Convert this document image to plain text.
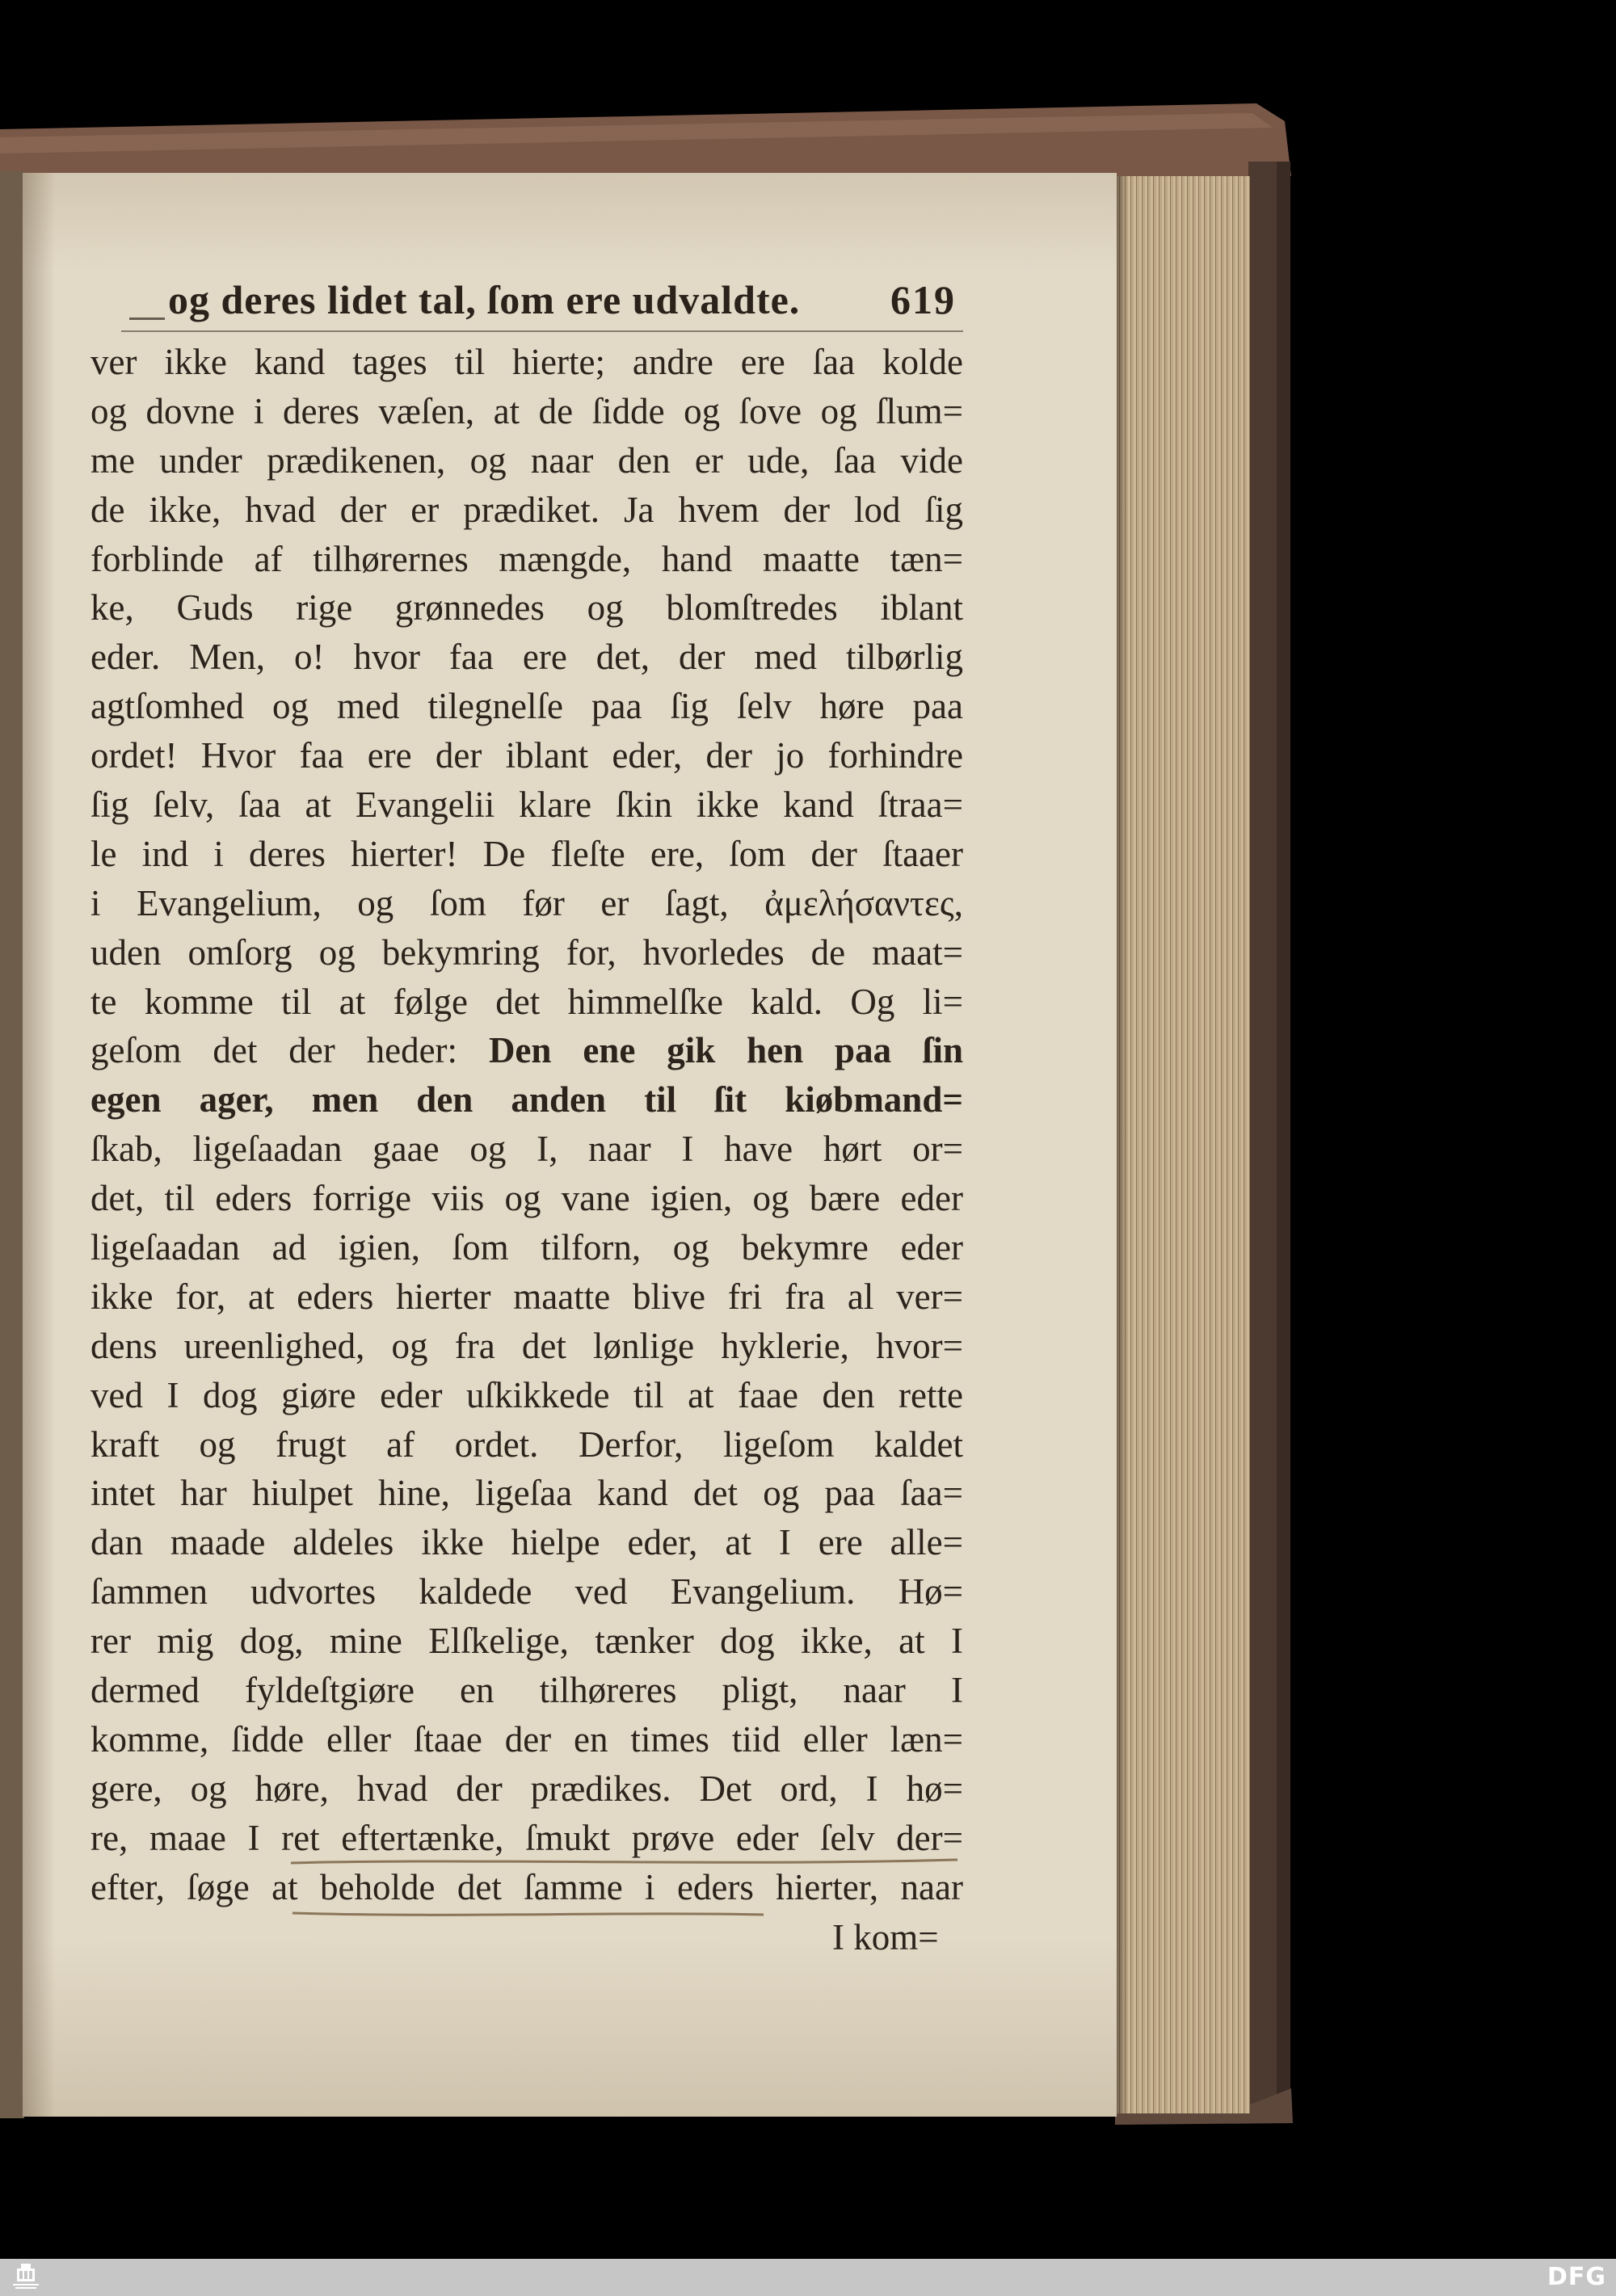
og deres lidet tal, ſom ere udvaldte. 619
ver ikke kand tages til hierte; andre ere ſaa kolde
og dovne i deres væſen, at de ſidde og ſove og ſlum=
me under prædikenen, og naar den er ude, ſaa vide
de ikke, hvad der er prædiket. Ja hvem der lod ſig
forblinde af tilhørernes mængde, hand maatte tæn=
ke, Guds rige grønnedes og blomſtredes iblant
eder. Men, o! hvor faa ere det, der med tilbørlig
agtſomhed og med tilegnelſe paa ſig ſelv høre paa
ordet! Hvor faa ere der iblant eder, der jo forhindre
ſig ſelv, ſaa at Evangelii klare ſkin ikke kand ſtraa=
le ind i deres hierter! De fleſte ere, ſom der ſtaaer
i Evangelium, og ſom før er ſagt, ἀμελήσαντες,
uden omſorg og bekymring for, hvorledes de maat=
te komme til at følge det himmelſke kald. Og li=
geſom det der heder: Den ene gik hen paa ſin
egen ager, men den anden til ſit kiøbmand=
ſkab, ligeſaadan gaae og I, naar I have hørt or=
det, til eders forrige viis og vane igien, og bære eder
ligeſaadan ad igien, ſom tilforn, og bekymre eder
ikke for, at eders hierter maatte blive fri fra al ver=
dens ureenlighed, og fra det lønlige hyklerie, hvor=
ved I dog giøre eder uſkikkede til at faae den rette
kraft og frugt af ordet. Derfor, ligeſom kaldet
intet har hiulpet hine, ligeſaa kand det og paa ſaa=
dan maade aldeles ikke hielpe eder, at I ere alle=
ſammen udvortes kaldede ved Evangelium. Hø=
rer mig dog, mine Elſkelige, tænker dog ikke, at I
dermed fyldeſtgiøre en tilhøreres pligt, naar I
komme, ſidde eller ſtaae der en times tiid eller læn=
gere, og høre, hvad der prædikes. Det ord, I hø=
re, maae I ret eftertænke, ſmukt prøve eder ſelv der=
efter, ſøge at beholde det ſamme i eders hierter, naar
I kom=
DFG
